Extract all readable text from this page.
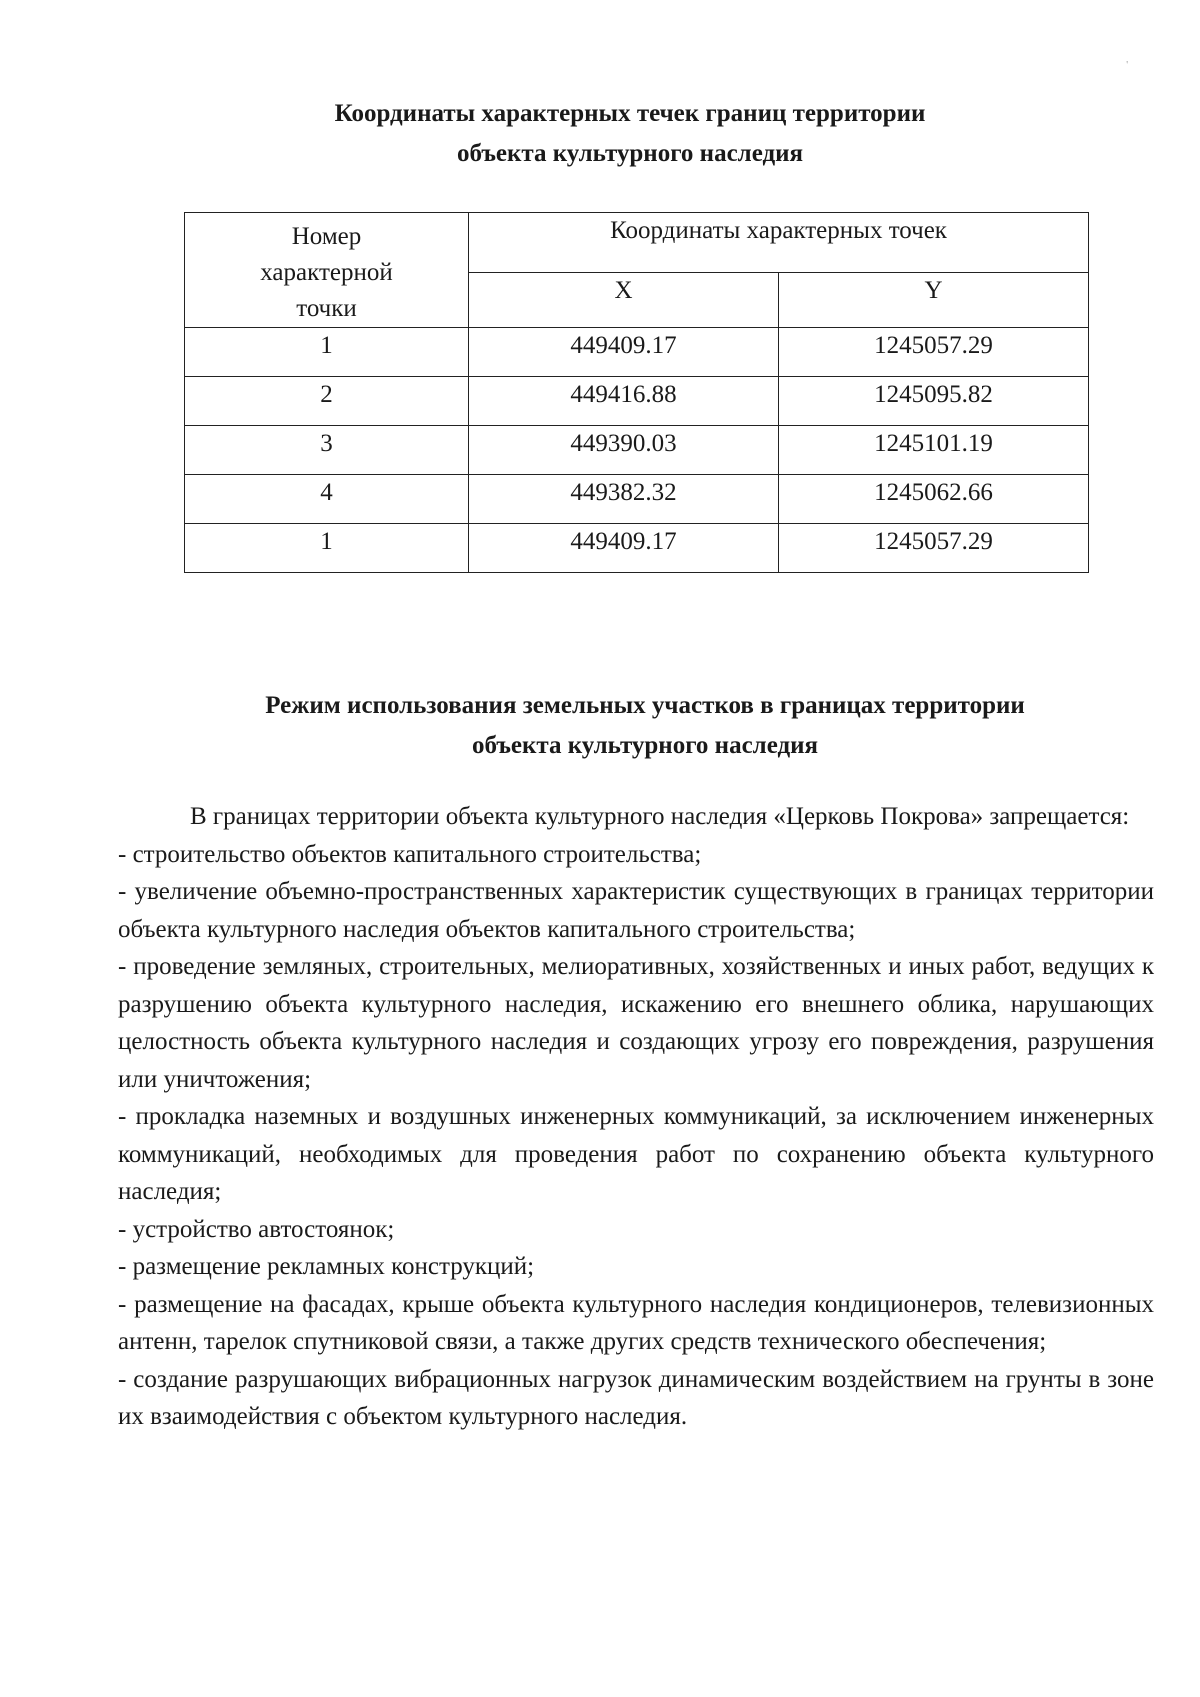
'
Координаты характерных течек границ территории
объекта культурного наследия
Номер
характерной
точки	Координаты характерных точек	
	X	Y
1	449409.17	1245057.29
2	449416.88	1245095.82
3	449390.03	1245101.19
4	449382.32	1245062.66
1	449409.17	1245057.29
Режим использования земельных участков в границах территории
объекта культурного наследия

В границах территории объекта культурного наследия «Церковь Покрова» запрещается:

- строительство объектов капитального строительства;

- увеличение объемно-пространственных характеристик существующих в границах территории объекта культурного наследия объектов капитального строительства;

- проведение земляных, строительных, мелиоративных, хозяйственных и иных работ, ведущих к разрушению объекта культурного наследия, искажению его внешнего облика, нарушающих целостность объекта культурного наследия и создающих угрозу его повреждения, разрушения или уничтожения;

- прокладка наземных и воздушных инженерных коммуникаций, за исключением инженерных коммуникаций, необходимых для проведения работ по сохранению объекта культурного наследия;

- устройство автостоянок;

- размещение рекламных конструкций;

- размещение на фасадах, крыше объекта культурного наследия кондиционеров, телевизионных антенн, тарелок спутниковой связи, а также других средств технического обеспечения;

- создание разрушающих вибрационных нагрузок динамическим воздействием на грунты в зоне их взаимодействия с объектом культурного наследия.
